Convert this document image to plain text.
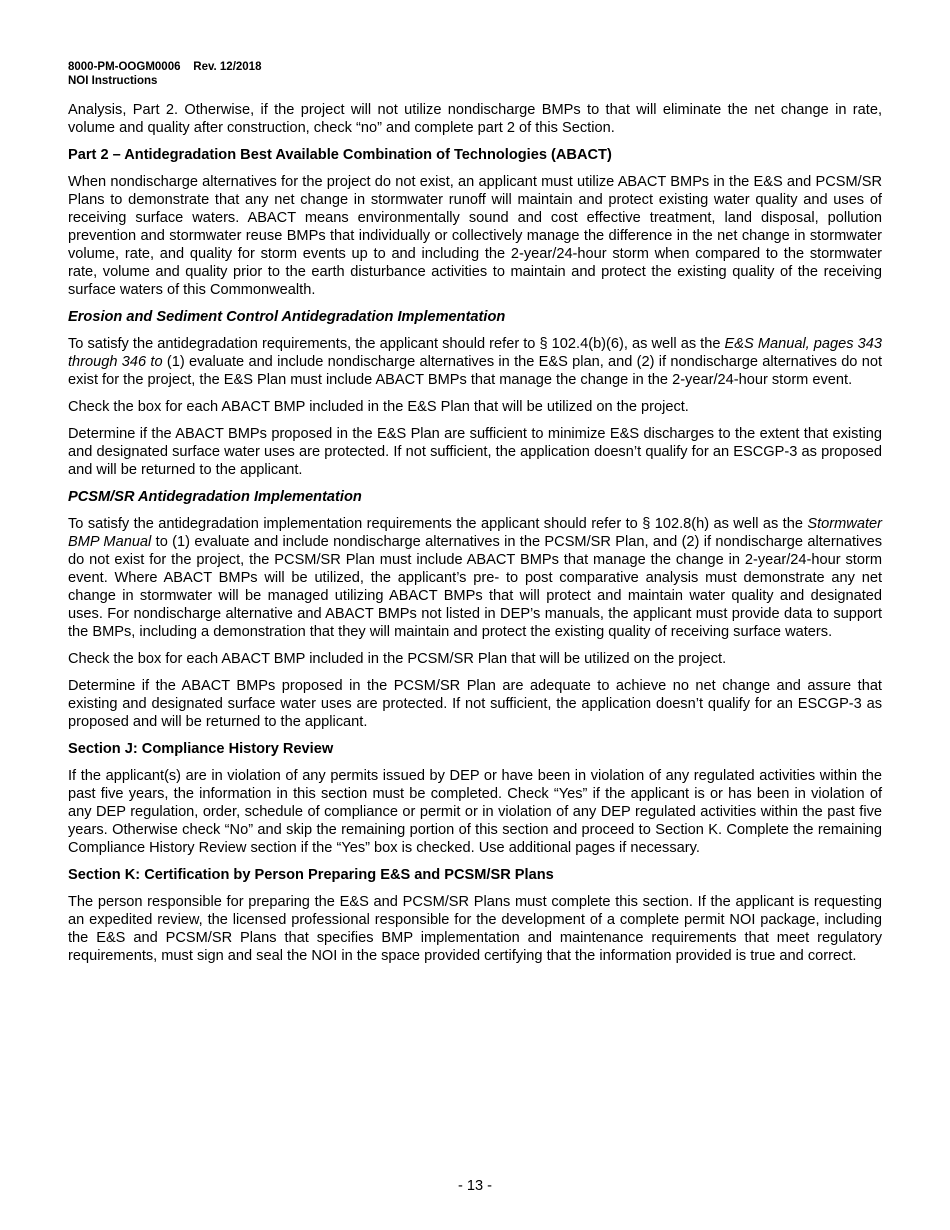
8000-PM-OOGM0006    Rev. 12/2018
NOI Instructions

Analysis, Part 2. Otherwise, if the project will not utilize nondischarge BMPs to that will eliminate the net change in rate, volume and quality after construction, check “no” and complete part 2 of this Section.

Part 2 – Antidegradation Best Available Combination of Technologies (ABACT)

When nondischarge alternatives for the project do not exist, an applicant must utilize ABACT BMPs in the E&S and PCSM/SR Plans to demonstrate that any net change in stormwater runoff will maintain and protect existing water quality and uses of receiving surface waters. ABACT means environmentally sound and cost effective treatment, land disposal, pollution prevention and stormwater reuse BMPs that individually or collectively manage the difference in the net change in stormwater volume, rate, and quality for storm events up to and including the 2-year/24-hour storm when compared to the stormwater rate, volume and quality prior to the earth disturbance activities to maintain and protect the existing quality of the receiving surface waters of this Commonwealth.

Erosion and Sediment Control Antidegradation Implementation

To satisfy the antidegradation requirements, the applicant should refer to § 102.4(b)(6), as well as the E&S Manual, pages 343 through 346 to (1) evaluate and include nondischarge alternatives in the E&S plan, and (2) if nondischarge alternatives do not exist for the project, the E&S Plan must include ABACT BMPs that manage the change in the 2-year/24-hour storm event.

Check the box for each ABACT BMP included in the E&S Plan that will be utilized on the project.

Determine if the ABACT BMPs proposed in the E&S Plan are sufficient to minimize E&S discharges to the extent that existing and designated surface water uses are protected. If not sufficient, the application doesn’t qualify for an ESCGP-3 as proposed and will be returned to the applicant.

PCSM/SR Antidegradation Implementation

To satisfy the antidegradation implementation requirements the applicant should refer to § 102.8(h) as well as the Stormwater BMP Manual to (1) evaluate and include nondischarge alternatives in the PCSM/SR Plan, and (2) if nondischarge alternatives do not exist for the project, the PCSM/SR Plan must include ABACT BMPs that manage the change in 2-year/24-hour storm event. Where ABACT BMPs will be utilized, the applicant’s pre- to post comparative analysis must demonstrate any net change in stormwater will be managed utilizing ABACT BMPs that will protect and maintain water quality and designated uses. For nondischarge alternative and ABACT BMPs not listed in DEP’s manuals, the applicant must provide data to support the BMPs, including a demonstration that they will maintain and protect the existing quality of receiving surface waters.

Check the box for each ABACT BMP included in the PCSM/SR Plan that will be utilized on the project.

Determine if the ABACT BMPs proposed in the PCSM/SR Plan are adequate to achieve no net change and assure that existing and designated surface water uses are protected. If not sufficient, the application doesn’t qualify for an ESCGP-3 as proposed and will be returned to the applicant.

Section J: Compliance History Review

If the applicant(s) are in violation of any permits issued by DEP or have been in violation of any regulated activities within the past five years, the information in this section must be completed. Check “Yes” if the applicant is or has been in violation of any DEP regulation, order, schedule of compliance or permit or in violation of any DEP regulated activities within the past five years. Otherwise check “No” and skip the remaining portion of this section and proceed to Section K. Complete the remaining Compliance History Review section if the “Yes” box is checked. Use additional pages if necessary.

Section K: Certification by Person Preparing E&S and PCSM/SR Plans

The person responsible for preparing the E&S and PCSM/SR Plans must complete this section. If the applicant is requesting an expedited review, the licensed professional responsible for the development of a complete permit NOI package, including the E&S and PCSM/SR Plans that specifies BMP implementation and maintenance requirements that meet regulatory requirements, must sign and seal the NOI in the space provided certifying that the information provided is true and correct.

- 13 -
